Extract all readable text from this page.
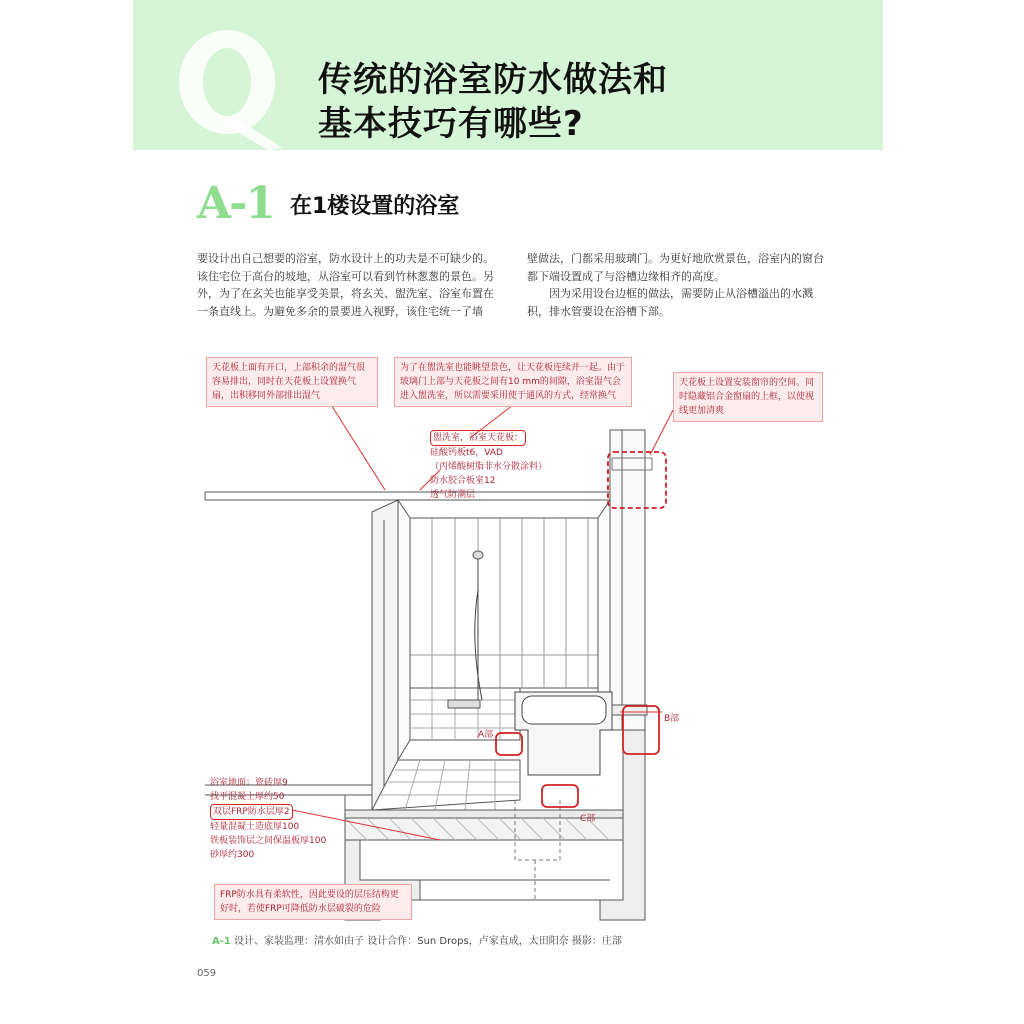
传统的浴室防水做法和
基本技巧有哪些?
A-1 在1楼设置的浴室
要设计出自己想要的浴室，防水设计上的功夫是不可缺少的。该住宅位于高台的坡地，从浴室可以看到竹林葱葱的景色。另外，为了在玄关也能享受美景，将玄关、盥洗室、浴室布置在一条直线上。为避免多余的景要进入视野，该住宅统一了墙
壁做法，门都采用玻璃门。为更好地欣赏景色，浴室内的窗台都下端设置成了与浴槽边缘相齐的高度。
　　因为采用设台边框的做法，需要防止从浴槽溢出的水溅积，排水管要设在浴槽下部。
天花板上面有开口，上部积余的湿气很容易排出，同时在天花板上设置换气扇，出积移同外部排出湿气
为了在盥洗室也能眺望景色，让天花板连续并一起。由于玻璃门上部与天花板之间有10 mm的间隙，浴室湿气会进入盥洗室，所以需要采用使于通风的方式，经常换气
天花板上设置安装窗帘的空间。同时隐藏铝合金窗扇的上框，以使视线更加清爽
FRP防水具有柔软性，因此要设的层压结构更好时，若使FRP可降低防水层破裂的危险
盥洗室，浴室天花板：
硅酸钙板t6，VAD
（丙烯酸树脂非水分散涂料）
防水胶合板室12
透气防潮层
浴室地面：瓷砖厚9
找平混凝土厚约50
双层FRP防水层厚2
轻量混凝土造底厚100
铁板装饰层之间保温板厚100
砂厚约300
A部
B部
C部
A-1 设计、家装监理：清水如由子 设计合作：Sun Drops，卢家直成，太田阳奈 摄影：庄部
059
